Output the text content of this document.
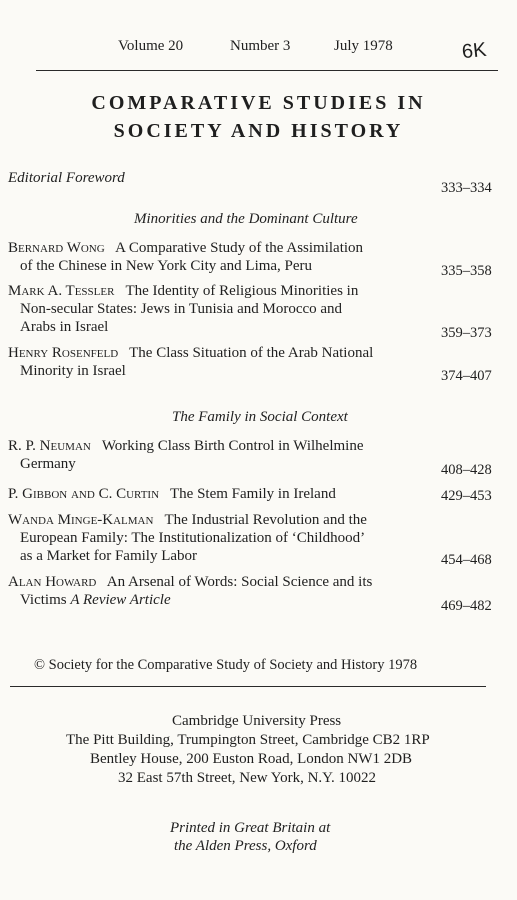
Volume 20	Number 3	July 1978	6K
COMPARATIVE STUDIES IN
SOCIETY AND HISTORY
Editorial Foreword
333–334
Minorities and the Dominant Culture
Bernard Wong A Comparative Study of the Assimilation
of the Chinese in New York City and Lima, Peru	335–358
Mark A. Tessler The Identity of Religious Minorities in
Non-secular States: Jews in Tunisia and Morocco and
Arabs in Israel	359–373
Henry Rosenfeld The Class Situation of the Arab National
Minority in Israel	374–407
The Family in Social Context
R. P. Neuman Working Class Birth Control in Wilhelmine
Germany	408–428
P. Gibbon and C. Curtin The Stem Family in Ireland	429–453
Wanda Minge-Kalman The Industrial Revolution and the
European Family: The Institutionalization of ‘Childhood’
as a Market for Family Labor	454–468
Alan Howard An Arsenal of Words: Social Science and its
Victims A Review Article	469–482
© Society for the Comparative Study of Society and History 1978
Cambridge University Press
The Pitt Building, Trumpington Street, Cambridge CB2 1RP
Bentley House, 200 Euston Road, London NW1 2DB
32 East 57th Street, New York, N.Y. 10022
Printed in Great Britain at
the Alden Press, Oxford
